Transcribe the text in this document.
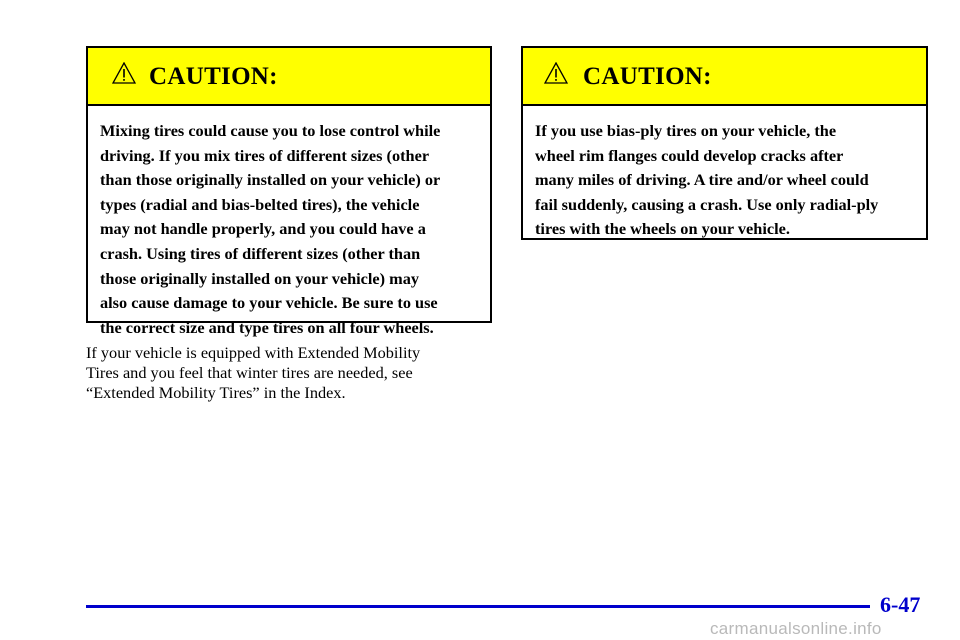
CAUTION:
Mixing tires could cause you to lose control while
driving. If you mix tires of different sizes (other
than those originally installed on your vehicle) or
types (radial and bias-belted tires), the vehicle
may not handle properly, and you could have a
crash. Using tires of different sizes (other than
those originally installed on your vehicle) may
also cause damage to your vehicle. Be sure to use
the correct size and type tires on all four wheels.
CAUTION:
If you use bias-ply tires on your vehicle, the
wheel rim flanges could develop cracks after
many miles of driving. A tire and/or wheel could
fail suddenly, causing a crash. Use only radial-ply
tires with the wheels on your vehicle.
If your vehicle is equipped with Extended Mobility
Tires and you feel that winter tires are needed, see
“Extended Mobility Tires” in the Index.
6-47
carmanualsonline.info
